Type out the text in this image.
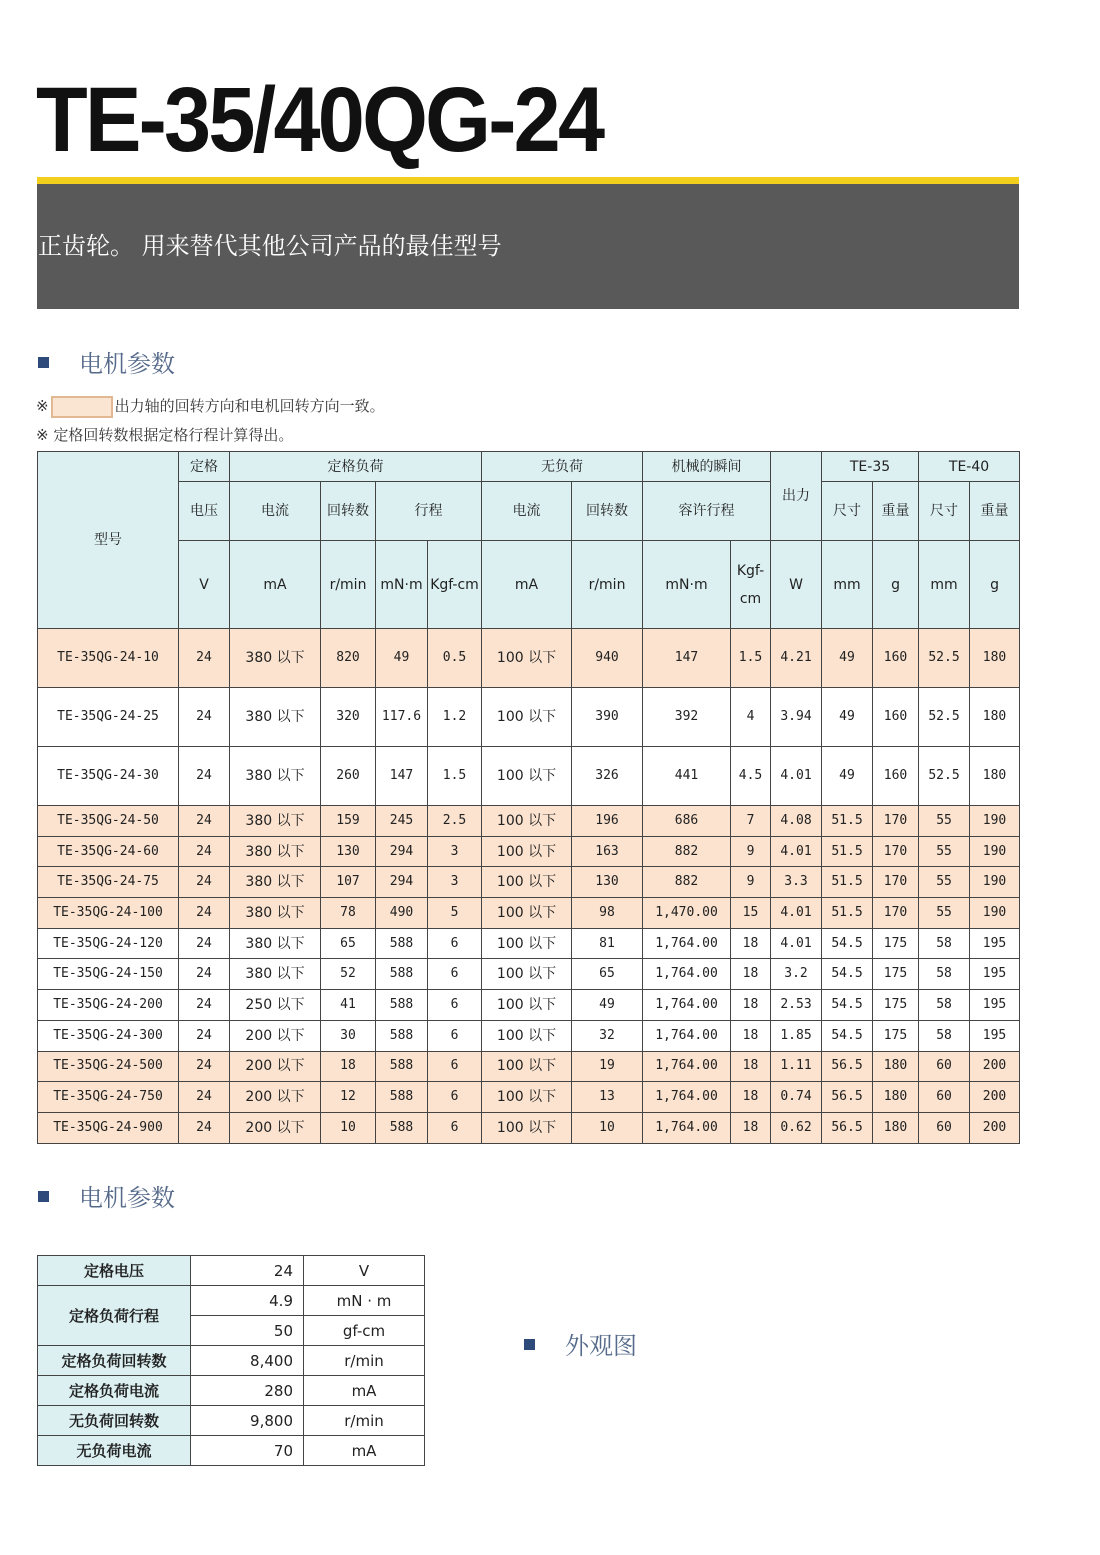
TE-35/40QG-24
正齿轮。 用来替代其他公司产品的最佳型号
电机参数
※	出力轴的回转方向和电机回转方向一致。
※ 定格回转数根据定格行程计算得出。
型号	定格	定格负荷				无负荷		机械的瞬间		出力	TE-35		TE-40	
	电压	电流	回转数	行程		电流	回转数	容许行程			尺寸	重量	尺寸	重量
	V	mA	r/min	mN·m	Kgf-cm	mA	r/min	mN·m	Kgf-cm	W	mm	g	mm	g
TE-35QG-24-10	24	380 以下	820	49	0.5	100 以下	940	147	1.5	4.21	49	160	52.5	180
TE-35QG-24-25	24	380 以下	320	117.6	1.2	100 以下	390	392	4	3.94	49	160	52.5	180
TE-35QG-24-30	24	380 以下	260	147	1.5	100 以下	326	441	4.5	4.01	49	160	52.5	180
TE-35QG-24-50	24	380 以下	159	245	2.5	100 以下	196	686	7	4.08	51.5	170	55	190
TE-35QG-24-60	24	380 以下	130	294	3	100 以下	163	882	9	4.01	51.5	170	55	190
TE-35QG-24-75	24	380 以下	107	294	3	100 以下	130	882	9	3.3	51.5	170	55	190
TE-35QG-24-100	24	380 以下	78	490	5	100 以下	98	1,470.00	15	4.01	51.5	170	55	190
TE-35QG-24-120	24	380 以下	65	588	6	100 以下	81	1,764.00	18	4.01	54.5	175	58	195
TE-35QG-24-150	24	380 以下	52	588	6	100 以下	65	1,764.00	18	3.2	54.5	175	58	195
TE-35QG-24-200	24	250 以下	41	588	6	100 以下	49	1,764.00	18	2.53	54.5	175	58	195
TE-35QG-24-300	24	200 以下	30	588	6	100 以下	32	1,764.00	18	1.85	54.5	175	58	195
TE-35QG-24-500	24	200 以下	18	588	6	100 以下	19	1,764.00	18	1.11	56.5	180	60	200
TE-35QG-24-750	24	200 以下	12	588	6	100 以下	13	1,764.00	18	0.74	56.5	180	60	200
TE-35QG-24-900	24	200 以下	10	588	6	100 以下	10	1,764.00	18	0.62	56.5	180	60	200
电机参数
定格电压	24	V
定格负荷行程	4.9	mN · m
	50	gf-cm
定格负荷回转数	8,400	r/min
定格负荷电流	280	mA
无负荷回转数	9,800	r/min
无负荷电流	70	mA
外观图
